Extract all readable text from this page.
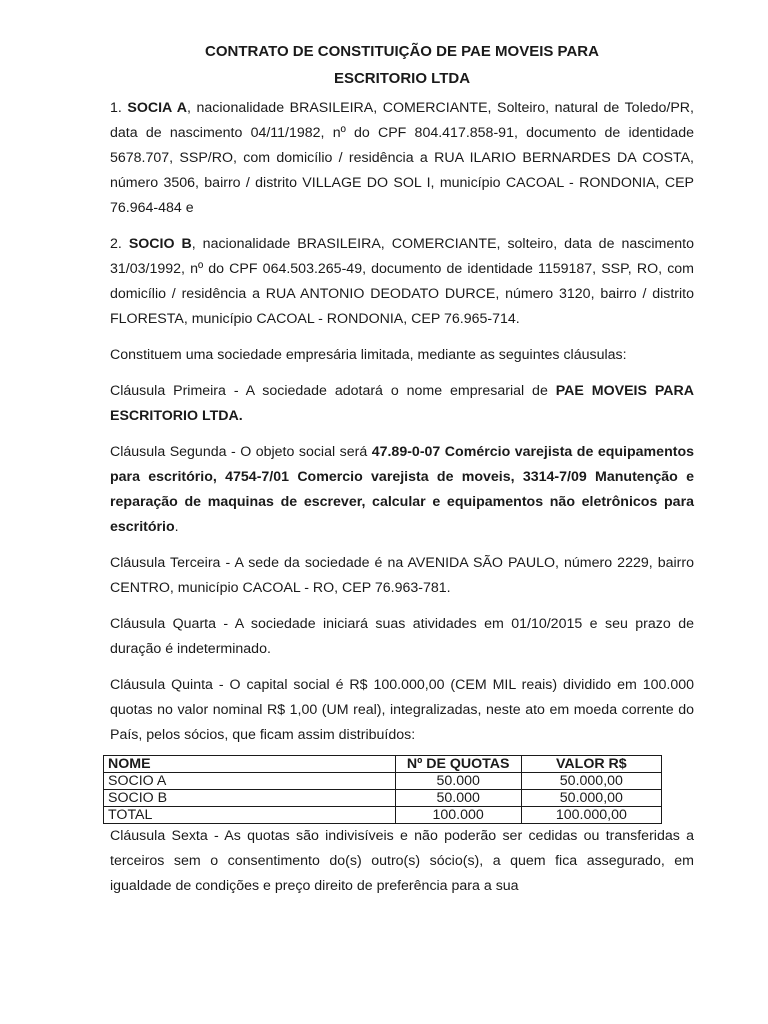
CONTRATO DE CONSTITUIÇÃO DE PAE MOVEIS PARA
ESCRITORIO LTDA

1. SOCIA A, nacionalidade BRASILEIRA, COMERCIANTE, Solteiro, natural de Toledo/PR, data de nascimento 04/11/1982, nº do CPF 804.417.858-91, documento de identidade 5678.707, SSP/RO, com domicílio / residência a RUA ILARIO BERNARDES DA COSTA, número 3506, bairro / distrito VILLAGE DO SOL I, município CACOAL - RONDONIA, CEP 76.964-484 e

2. SOCIO B, nacionalidade BRASILEIRA, COMERCIANTE, solteiro, data de nascimento 31/03/1992, nº do CPF 064.503.265-49, documento de identidade 1159187, SSP, RO, com domicílio / residência a RUA ANTONIO DEODATO DURCE, número 3120, bairro / distrito FLORESTA, município CACOAL - RONDONIA, CEP 76.965-714.

Constituem uma sociedade empresária limitada, mediante as seguintes cláusulas:

Cláusula Primeira - A sociedade adotará o nome empresarial de PAE MOVEIS PARA ESCRITORIO LTDA.

Cláusula Segunda - O objeto social será 47.89-0-07 Comércio varejista de equipamentos para escritório, 4754-7/01 Comercio varejista de moveis, 3314-7/09 Manutenção e reparação de maquinas de escrever, calcular e equipamentos não eletrônicos para escritório.

Cláusula Terceira - A sede da sociedade é na AVENIDA SÃO PAULO, número 2229, bairro CENTRO, município CACOAL - RO, CEP 76.963-781.

Cláusula Quarta - A sociedade iniciará suas atividades em 01/10/2015 e seu prazo de duração é indeterminado.

Cláusula Quinta - O capital social é R$ 100.000,00 (CEM MIL reais) dividido em 100.000 quotas no valor nominal R$ 1,00 (UM real), integralizadas, neste ato em moeda corrente do País, pelos sócios, que ficam assim distribuídos:

NOME	Nº DE QUOTAS	VALOR R$
SOCIO A	50.000	50.000,00
SOCIO B	50.000	50.000,00
TOTAL	100.000	100.000,00

Cláusula Sexta - As quotas são indivisíveis e não poderão ser cedidas ou transferidas a terceiros sem o consentimento do(s) outro(s) sócio(s), a quem fica assegurado, em igualdade de condições e preço direito de preferência para a sua
